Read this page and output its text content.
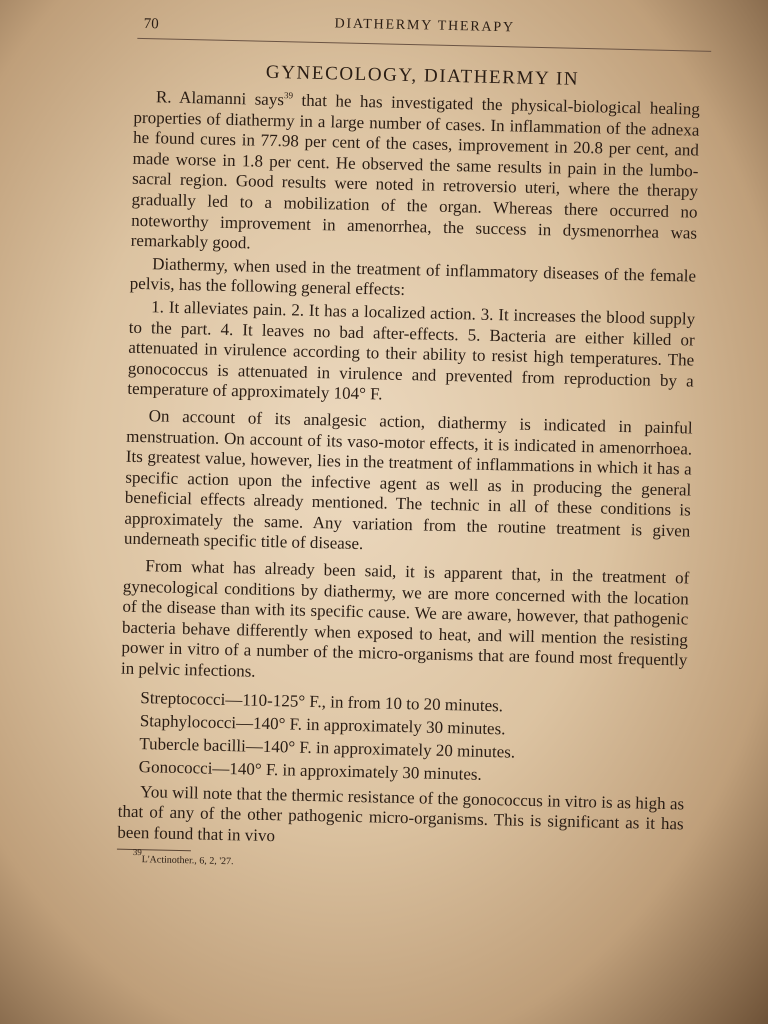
70	DIATHERMY THERAPY
GYNECOLOGY, DIATHERMY IN

R. Alamanni says$^{39}$ that he has investigated the physical-biological healing properties of diathermy in a large number of cases. In inflammation of the adnexa he found cures in 77.98 per cent of the cases, improvement in 20.8 per cent, and made worse in 1.8 per cent. He observed the same results in pain in the lumbo-sacral region. Good results were noted in retroversio uteri, where the therapy gradually led to a mobilization of the organ. Whereas there occurred no noteworthy improvement in amenorrhea, the success in dysmenorrhea was remarkably good.

Diathermy, when used in the treatment of inflammatory diseases of the female pelvis, has the following general effects:

1. It alleviates pain. 2. It has a localized action. 3. It increases the blood supply to the part. 4. It leaves no bad after-effects. 5. Bacteria are either killed or attenuated in virulence according to their ability to resist high temperatures. The gonococcus is attenuated in virulence and prevented from reproduction by a temperature of approximately 104° F.

On account of its analgesic action, diathermy is indicated in painful menstruation. On account of its vaso-motor effects, it is indicated in amenorrhoea. Its greatest value, however, lies in the treatment of inflammations in which it has a specific action upon the infective agent as well as in producing the general beneficial effects already mentioned. The technic in all of these conditions is approximately the same. Any variation from the routine treatment is given underneath specific title of disease.

From what has already been said, it is apparent that, in the treatment of gynecological conditions by diathermy, we are more concerned with the location of the disease than with its specific cause. We are aware, however, that pathogenic bacteria behave differently when exposed to heat, and will mention the resisting power in vitro of a number of the micro-organisms that are found most frequently in pelvic infections.

Streptococci—110-125° F., in from 10 to 20 minutes.

Staphylococci—140° F. in approximately 30 minutes.

Tubercle bacilli—140° F. in approximately 20 minutes.

Gonococci—140° F. in approximately 30 minutes.

You will note that the thermic resistance of the gonococcus in vitro is as high as that of any of the other pathogenic micro-organisms. This is significant as it has been found that in vivo

$^{39}$L'Actinother., 6, 2, '27.
